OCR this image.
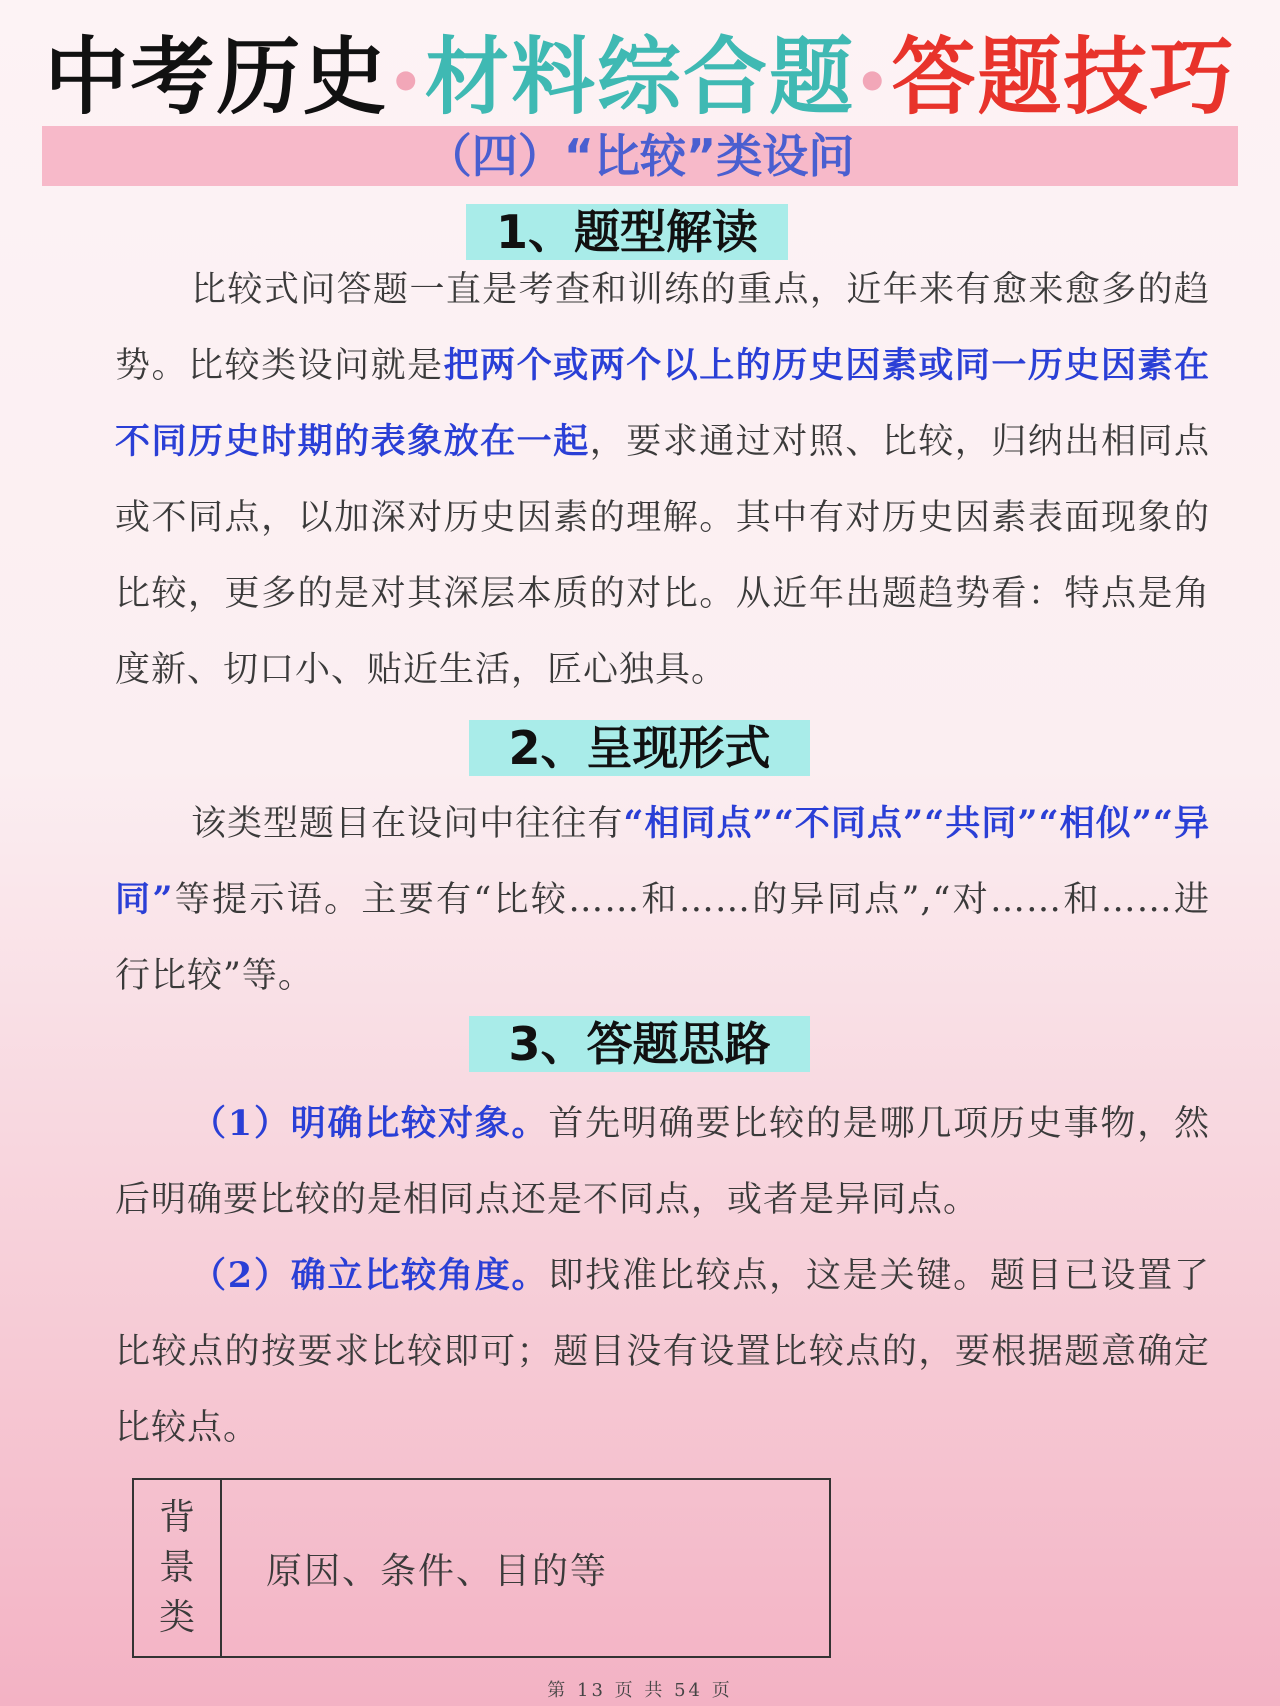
中考历史•材料综合题•答题技巧
（四）“比较”类设问
1、题型解读

比较式问答题一直是考查和训练的重点，近年来有愈来愈多的趋势。比较类设问就是把两个或两个以上的历史因素或同一历史因素在不同历史时期的表象放在一起，要求通过对照、比较，归纳出相同点或不同点，以加深对历史因素的理解。其中有对历史因素表面现象的比较，更多的是对其深层本质的对比。从近年出题趋势看：特点是角度新、切口小、贴近生活，匠心独具。

2、呈现形式

该类型题目在设问中往往有“相同点”“不同点”“共同”“相似”“异同”等提示语。主要有“比较……和……的异同点”,“对……和……进行比较”等。

3、答题思路

（1）明确比较对象。首先明确要比较的是哪几项历史事物，然后明确要比较的是相同点还是不同点，或者是异同点。

（2）确立比较角度。即找准比较点，这是关键。题目已设置了比较点的按要求比较即可；题目没有设置比较点的，要根据题意确定比较点。

背景类
原因、条件、目的等
第 13 页 共 54 页
